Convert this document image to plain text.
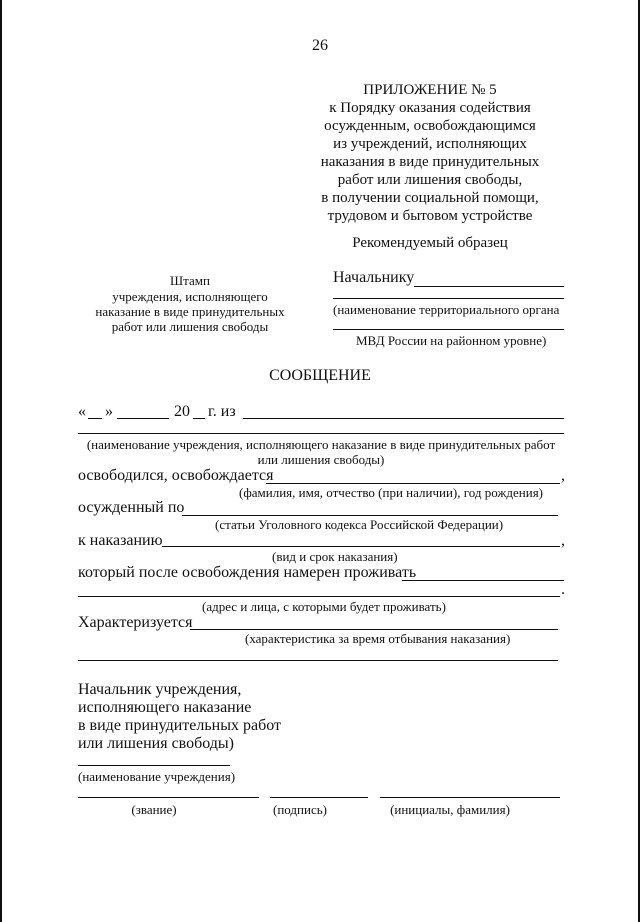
26
ПРИЛОЖЕНИЕ № 5
к Порядку оказания содействия
осужденным, освобождающимся
из учреждений, исполняющих
наказания в виде принудительных
работ или лишения свободы,
в получении социальной помощи,
трудовом и бытовом устройстве
Рекомендуемый образец
Штамп
учреждения, исполняющего
наказание в виде принудительных
работ или лишения свободы
Начальнику
(наименование территориального органа
МВД России на районном уровне)
СООБЩЕНИЕ
« »	20 г. из
(наименование учреждения, исполняющего наказание в виде принудительных работ
или лишения свободы)
освободился, освобождается	,
(фамилия, имя, отчество (при наличии), год рождения)
осужденный по
(статьи Уголовного кодекса Российской Федерации)
к наказанию	,
(вид и срок наказания)
который после освобождения намерен проживать
.
(адрес и лица, с которыми будет проживать)
Характеризуется
(характеристика за время отбывания наказания)
Начальник учреждения,
исполняющего наказание
в виде принудительных работ
или лишения свободы)
(наименование учреждения)
(звание)	(подпись)	(инициалы, фамилия)
